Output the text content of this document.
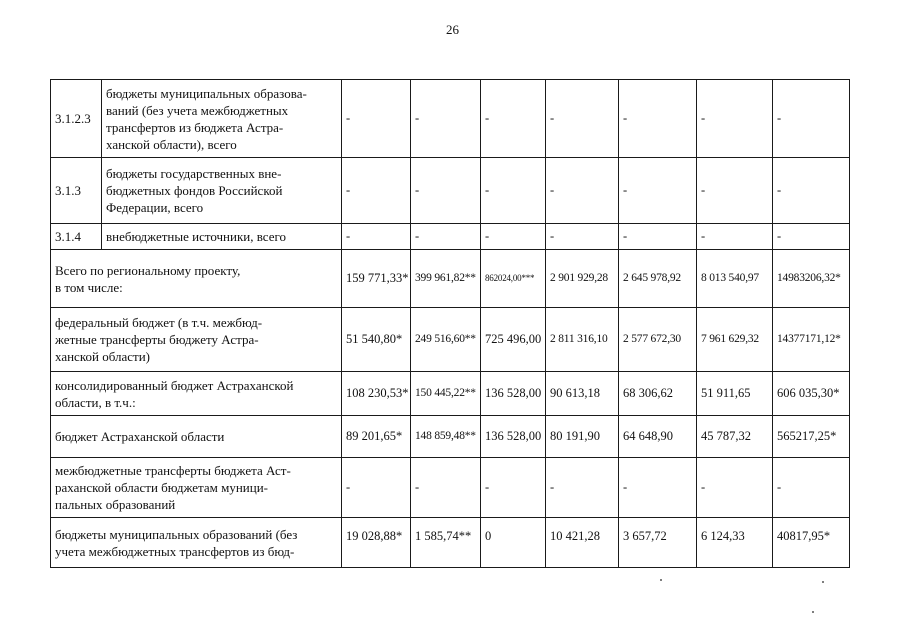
26
3.1.2.3	бюджеты муниципальных образова-
ваний (без учета межбюджетных
трансфертов из бюджета Астра-
ханской области), всего	-	-	-	-	-	-	-
3.1.3	бюджеты государственных вне-
бюджетных фондов Российской
Федерации, всего	-	-	-	-	-	-	-
3.1.4	внебюджетные источники, всего	-	-	-	-	-	-	-
Всего по региональному проекту,
в том числе:		159 771,33*	399 961,82**	862024,00***	2 901 929,28	2 645 978,92	8 013 540,97	14983206,32*
федеральный бюджет (в т.ч. межбюд-
жетные трансферты бюджету Астра-
ханской области)		51 540,80*	249 516,60**	725 496,00	2 811 316,10	2 577 672,30	7 961 629,32	14377171,12*
консолидированный бюджет Астраханской
области, в т.ч.:		108 230,53*	150 445,22**	136 528,00	90 613,18	68 306,62	51 911,65	606 035,30*
бюджет Астраханской области		89 201,65*	148 859,48**	136 528,00	80 191,90	64 648,90	45 787,32	565217,25*
межбюджетные трансферты бюджета Аст-
раханской области бюджетам муници-
пальных образований		-	-	-	-	-	-	-
бюджеты муниципальных образований (без
учета межбюджетных трансфертов из бюд-		19 028,88*	1 585,74**	0	10 421,28	3 657,72	6 124,33	40817,95*
